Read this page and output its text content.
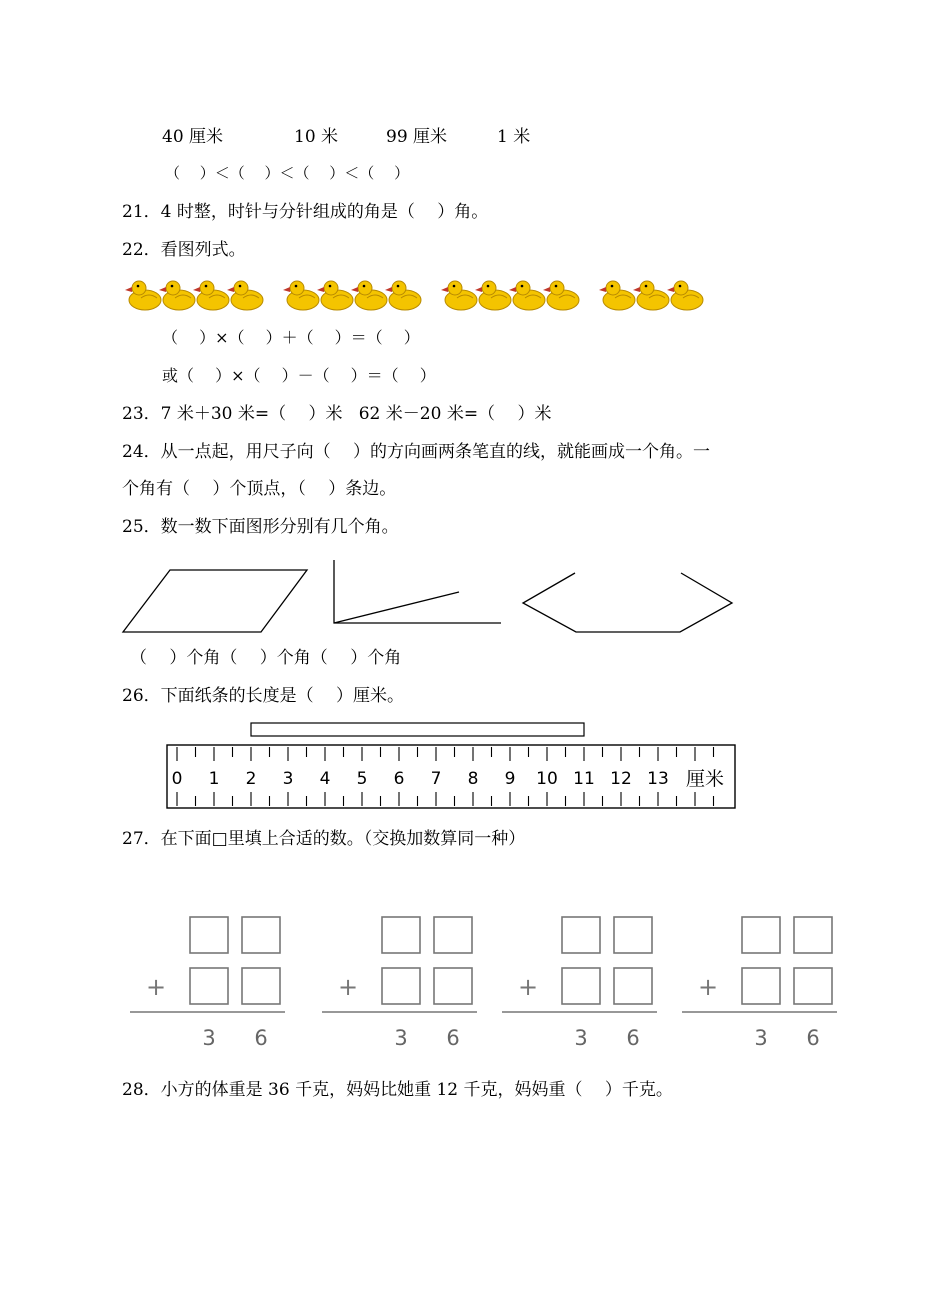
40 厘米	10 米	99 厘米	1 米
（　 ）＜（　 ）＜（　 ）＜（　 ）
21．4 时整，时针与分针组成的角是（　 ）角。
22．看图列式。
（　 ）×（　 ）＋（　 ）＝（　 ）
或（　 ）×（　 ）－（　 ）＝（　 ）
23．7 米＋30 米=（　 ）米   62 米－20 米=（　 ）米
24．从一点起，用尺子向（　 ）的方向画两条笔直的线，就能画成一个角。一
个角有（　 ）个顶点，（　 ）条边。
25．数一数下面图形分别有几个角。
（　 ）个角（　 ）个角（　 ）个角
26．下面纸条的长度是（　 ）厘米。
0 1 2 3 4 5 6 7 8 9 10 11 12 13 厘米
27．在下面□里填上合适的数。（交换加数算同一种）
+
3 6
+
3 6
+
3 6
+
3 6
28．小方的体重是 36 千克，妈妈比她重 12 千克，妈妈重（　 ）千克。
